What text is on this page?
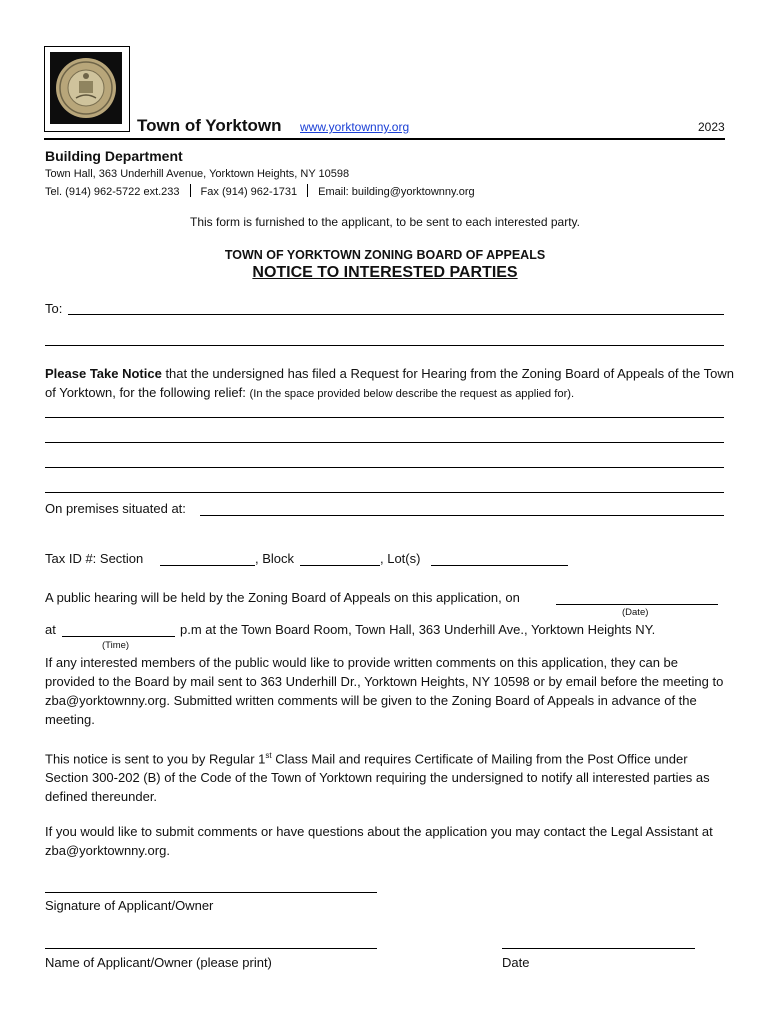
Town of Yorktown www.yorktownny.org	2023
Building Department
Town Hall, 363 Underhill Avenue, Yorktown Heights, NY 10598
Tel. (914) 962-5722 ext.233 Fax (914) 962-1731 Email: building@yorktownny.org
This form is furnished to the applicant, to be sent to each interested party.
TOWN OF YORKTOWN ZONING BOARD OF APPEALS
NOTICE TO INTERESTED PARTIES
To:
Please Take Notice that the undersigned has filed a Request for Hearing from the Zoning Board of Appeals of the Town of Yorktown, for the following relief: (In the space provided below describe the request as applied for).
On premises situated at:
Tax ID #: Section	, Block	, Lot(s)
A public hearing will be held by the Zoning Board of Appeals on this application, on
(Date)
at	p.m at the Town Board Room, Town Hall, 363 Underhill Ave., Yorktown Heights NY.
(Time)
If any interested members of the public would like to provide written comments on this application, they can be provided to the Board by mail sent to 363 Underhill Dr., Yorktown Heights, NY 10598 or by email before the meeting to zba@yorktownny.org. Submitted written comments will be given to the Zoning Board of Appeals in advance of the meeting.
This notice is sent to you by Regular 1st Class Mail and requires Certificate of Mailing from the Post Office under Section 300-202 (B) of the Code of the Town of Yorktown requiring the undersigned to notify all interested parties as defined thereunder.
If you would like to submit comments or have questions about the application you may contact the Legal Assistant at zba@yorktownny.org.
Signature of Applicant/Owner
Name of Applicant/Owner (please print)	Date
